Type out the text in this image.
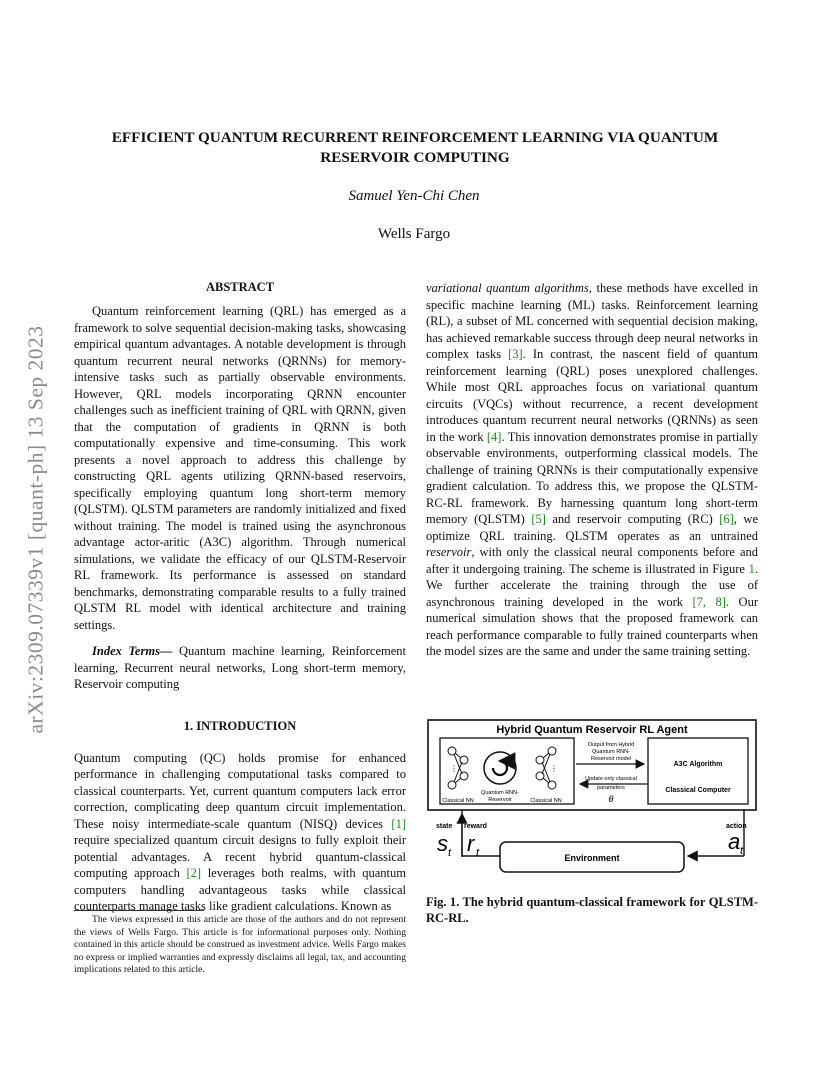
arXiv:2309.07339v1 [quant-ph] 13 Sep 2023
EFFICIENT QUANTUM RECURRENT REINFORCEMENT LEARNING VIA QUANTUM RESERVOIR COMPUTING
Samuel Yen-Chi Chen
Wells Fargo

ABSTRACT

Quantum reinforcement learning (QRL) has emerged as a framework to solve sequential decision-making tasks, showcasing empirical quantum advantages. A notable development is through quantum recurrent neural networks (QRNNs) for memory-intensive tasks such as partially observable environments. However, QRL models incorporating QRNN encounter challenges such as inefficient training of QRL with QRNN, given that the computation of gradients in QRNN is both computationally expensive and time-consuming. This work presents a novel approach to address this challenge by constructing QRL agents utilizing QRNN-based reservoirs, specifically employing quantum long short-term memory (QLSTM). QLSTM parameters are randomly initialized and fixed without training. The model is trained using the asynchronous advantage actor-aritic (A3C) algorithm. Through numerical simulations, we validate the efficacy of our QLSTM-Reservoir RL framework. Its performance is assessed on standard benchmarks, demonstrating comparable results to a fully trained QLSTM RL model with identical architecture and training settings.

Index Terms— Quantum machine learning, Reinforcement learning, Recurrent neural networks, Long short-term memory, Reservoir computing

1. INTRODUCTION

Quantum computing (QC) holds promise for enhanced performance in challenging computational tasks compared to classical counterparts. Yet, current quantum computers lack error correction, complicating deep quantum circuit implementation. These noisy intermediate-scale quantum (NISQ) devices [1] require specialized quantum circuit designs to fully exploit their potential advantages. A recent hybrid quantum-classical computing approach [2] leverages both realms, with quantum computers handling advantageous tasks while classical counterparts manage tasks like gradient calculations. Known as

variational quantum algorithms, these methods have excelled in specific machine learning (ML) tasks. Reinforcement learning (RL), a subset of ML concerned with sequential decision making, has achieved remarkable success through deep neural networks in complex tasks [3]. In contrast, the nascent field of quantum reinforcement learning (QRL) poses unexplored challenges. While most QRL approaches focus on variational quantum circuits (VQCs) without recurrence, a recent development introduces quantum recurrent neural networks (QRNNs) as seen in the work [4]. This innovation demonstrates promise in partially observable environments, outperforming classical models. The challenge of training QRNNs is their computationally expensive gradient calculation. To address this, we propose the QLSTM-RC-RL framework. By harnessing quantum long short-term memory (QLSTM) [5] and reservoir computing (RC) [6], we optimize QRL training. QLSTM operates as an untrained reservoir, with only the classical neural components before and after it undergoing training. The scheme is illustrated in Figure 1. We further accelerate the training through the use of asynchronous training developed in the work [7, 8]. Our numerical simulation shows that the proposed framework can reach performance comparable to fully trained counterparts when the model sizes are the same and under the same training setting.

The views expressed in this article are those of the authors and do not represent the views of Wells Fargo. This article is for informational purposes only. Nothing contained in this article should be construed as investment advice. Wells Fargo makes no express or implied warranties and expressly disclaims all legal, tax, and accounting implications related to this article.
Hybrid Quantum Reservoir RL Agent
⋮
Classical NN
Quantum RNN-
Reservoir
⋮
Classical NN
Output from Hybrid
Quantum RNN-
Reservoir model
Update only classical
parameters
θ
A3C Algorithm
Classical Computer
state reward	action
s t r t	a t
Environment
Fig. 1. The hybrid quantum-classical framework for QLSTM-RC-RL.
